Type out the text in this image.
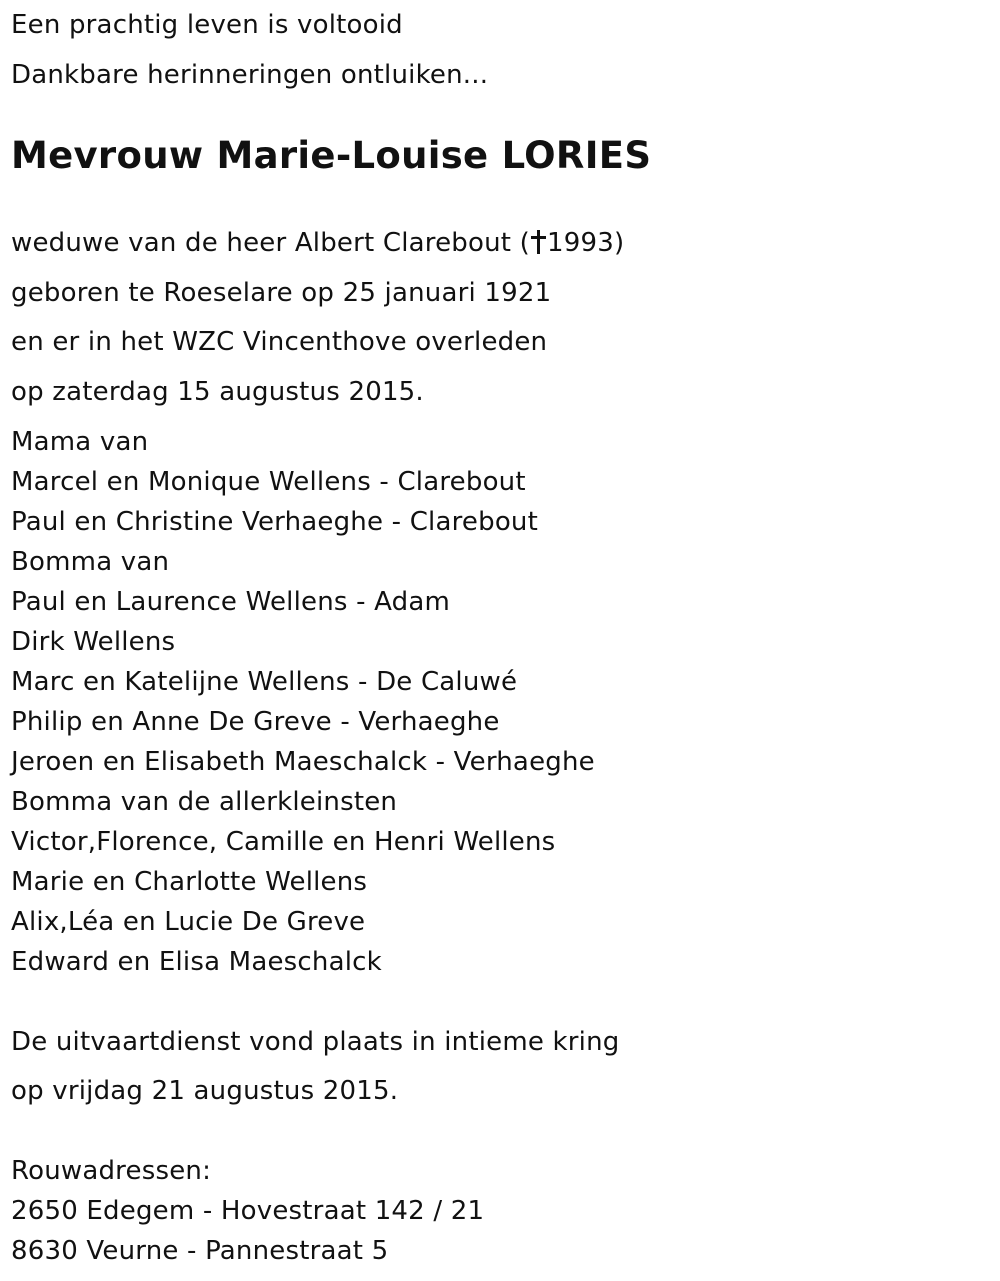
Een prachtig leven is voltooid
Dankbare herinneringen ontluiken...
Mevrouw Marie-Louise LORIES
weduwe van de heer Albert Clarebout ( 1993)
geboren te Roeselare op 25 januari 1921
en er in het WZC Vincenthove overleden
op zaterdag 15 augustus 2015.
Mama van
Marcel en Monique Wellens - Clarebout
Paul en Christine Verhaeghe - Clarebout
Bomma van
Paul en Laurence Wellens - Adam
Dirk Wellens
Marc en Katelijne Wellens - De Caluwé
Philip en Anne De Greve - Verhaeghe
Jeroen en Elisabeth Maeschalck - Verhaeghe
Bomma van de allerkleinsten
Victor,Florence, Camille en Henri Wellens
Marie en Charlotte Wellens
Alix,Léa en Lucie De Greve
Edward en Elisa Maeschalck
De uitvaartdienst vond plaats in intieme kring
op vrijdag 21 augustus 2015.
Rouwadressen:
2650 Edegem - Hovestraat 142 / 21
8630 Veurne - Pannestraat 5
